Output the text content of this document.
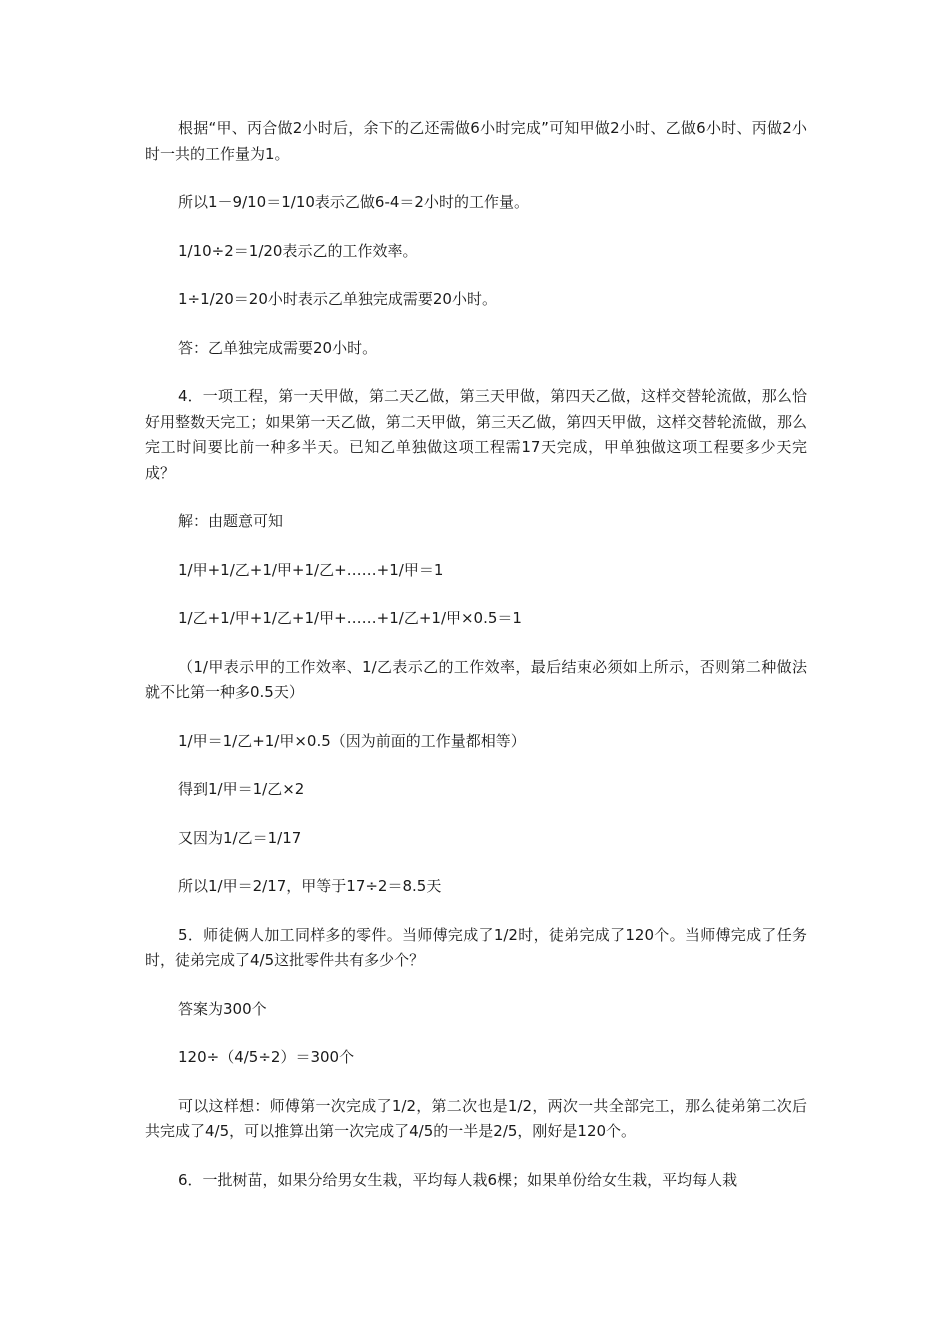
根据“甲、丙合做2小时后，余下的乙还需做6小时完成”可知甲做2小时、乙做6小时、丙做2小时一共的工作量为1。

所以1－9/10＝1/10表示乙做6-4＝2小时的工作量。

1/10÷2＝1/20表示乙的工作效率。

1÷1/20＝20小时表示乙单独完成需要20小时。

答：乙单独完成需要20小时。

4．一项工程，第一天甲做，第二天乙做，第三天甲做，第四天乙做，这样交替轮流做，那么恰好用整数天完工；如果第一天乙做，第二天甲做，第三天乙做，第四天甲做，这样交替轮流做，那么完工时间要比前一种多半天。已知乙单独做这项工程需17天完成，甲单独做这项工程要多少天完成？

解：由题意可知

1/甲+1/乙+1/甲+1/乙+……+1/甲＝1

1/乙+1/甲+1/乙+1/甲+……+1/乙+1/甲×0.5＝1

（1/甲表示甲的工作效率、1/乙表示乙的工作效率，最后结束必须如上所示，否则第二种做法就不比第一种多0.5天）

1/甲＝1/乙+1/甲×0.5（因为前面的工作量都相等）

得到1/甲＝1/乙×2

又因为1/乙＝1/17

所以1/甲＝2/17，甲等于17÷2＝8.5天

5．师徒俩人加工同样多的零件。当师傅完成了1/2时，徒弟完成了120个。当师傅完成了任务时，徒弟完成了4/5这批零件共有多少个？

答案为300个

120÷（4/5÷2）＝300个

可以这样想：师傅第一次完成了1/2，第二次也是1/2，两次一共全部完工，那么徒弟第二次后共完成了4/5，可以推算出第一次完成了4/5的一半是2/5，刚好是120个。

6．一批树苗，如果分给男女生栽，平均每人栽6棵；如果单份给女生栽，平均每人栽
